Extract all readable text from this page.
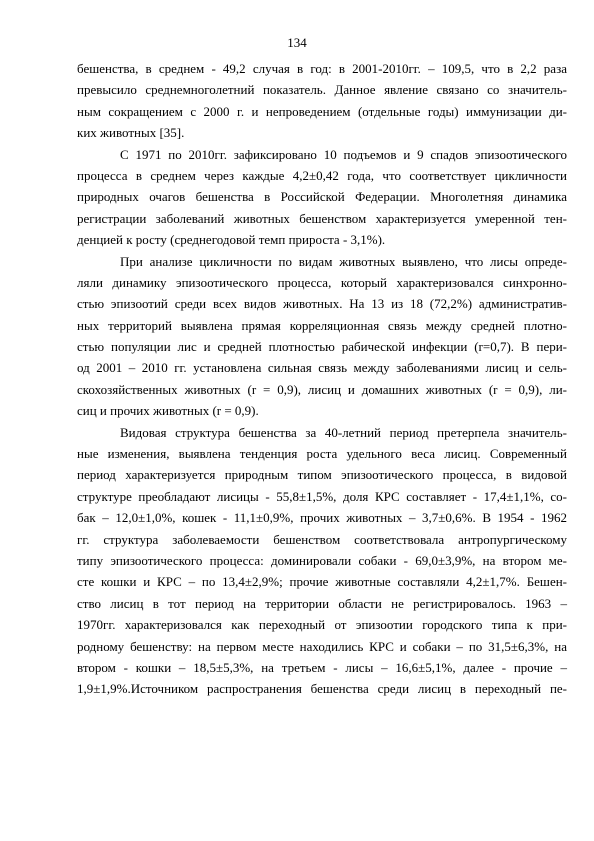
134
бешенства, в среднем - 49,2 случая в год: в 2001-2010гг. – 109,5, что в 2,2 раза
превысило среднемноголетний показатель. Данное явление связано со значитель-
ным сокращением с 2000 г. и непроведением (отдельные годы) иммунизации ди-
ких животных [35].
С 1971 по 2010гг. зафиксировано 10 подъемов и 9 спадов эпизоотического
процесса в среднем через каждые 4,2±0,42 года, что соответствует цикличности
природных очагов бешенства в Российской Федерации. Многолетняя динамика
регистрации заболеваний животных бешенством характеризуется умеренной тен-
денцией к росту (среднегодовой темп прироста - 3,1%).
При анализе цикличности по видам животных выявлено, что лисы опреде-
ляли динамику эпизоотического процесса, который характеризовался синхронно-
стью эпизоотий среди всех видов животных. На 13 из 18 (72,2%) административ-
ных территорий выявлена прямая корреляционная связь между средней плотно-
стью популяции лис и средней плотностью рабической инфекции (r=0,7). В пери-
од 2001 – 2010 гг. установлена сильная связь между заболеваниями лисиц и сель-
скохозяйственных животных (r = 0,9), лисиц и домашних животных (r = 0,9), ли-
сиц и прочих животных (r = 0,9).
Видовая структура бешенства за 40-летний период претерпела значитель-
ные изменения, выявлена тенденция роста удельного веса лисиц. Современный
период характеризуется природным типом эпизоотического процесса, в видовой
структуре преобладают лисицы - 55,8±1,5%, доля КРС составляет - 17,4±1,1%, со-
бак – 12,0±1,0%, кошек - 11,1±0,9%, прочих животных – 3,7±0,6%. В 1954 - 1962
гг. структура заболеваемости бешенством соответствовала антропургическому
типу эпизоотического процесса: доминировали собаки - 69,0±3,9%, на втором ме-
сте кошки и КРС – по 13,4±2,9%; прочие животные составляли 4,2±1,7%. Бешен-
ство лисиц в тот период на территории области не регистрировалось. 1963 –
1970гг. характеризовался как переходный от эпизоотии городского типа к при-
родному бешенству: на первом месте находились КРС и собаки – по 31,5±6,3%, на
втором - кошки – 18,5±5,3%, на третьем - лисы – 16,6±5,1%, далее - прочие –
1,9±1,9%.Источником распространения бешенства среди лисиц в переходный пе-
